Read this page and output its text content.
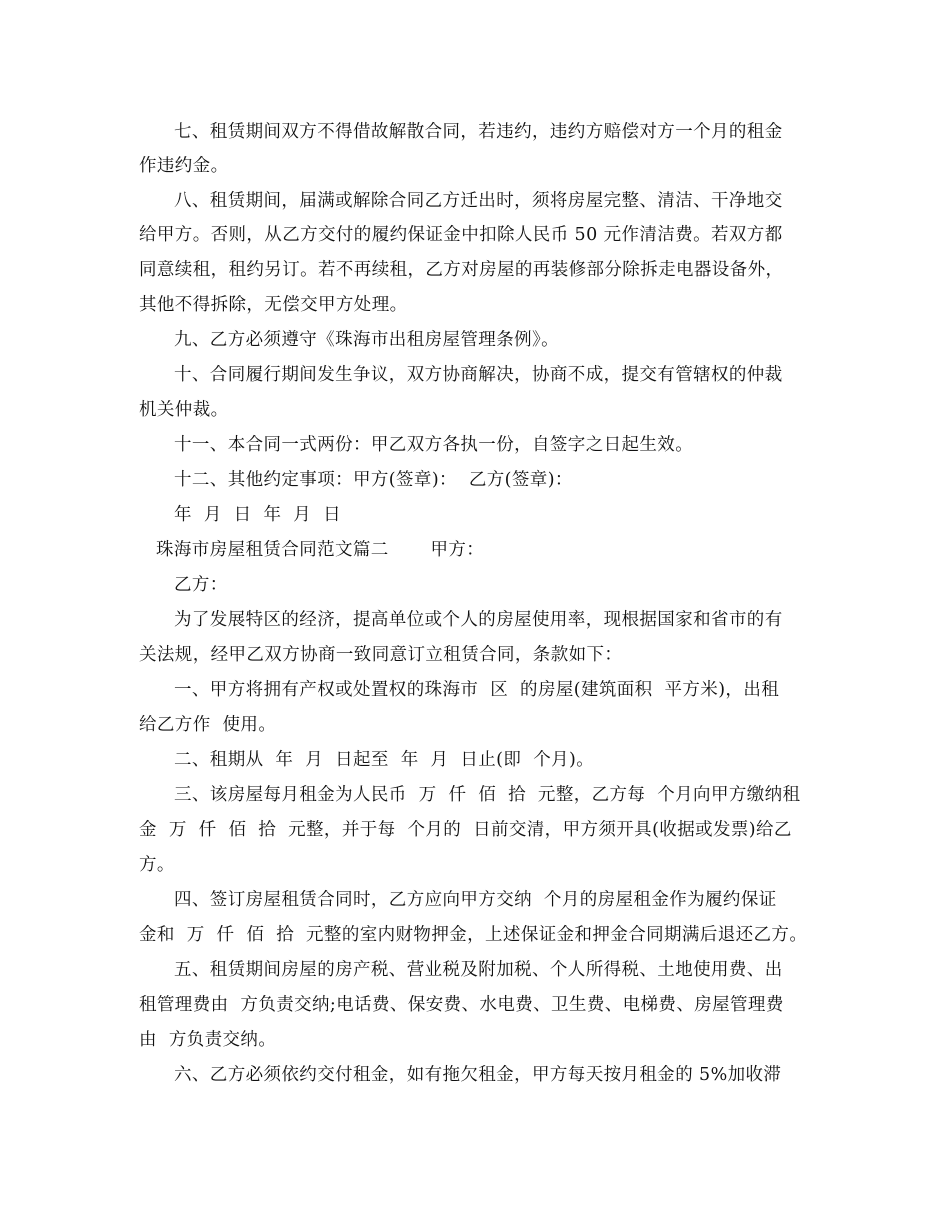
七、租赁期间双方不得借故解散合同，若违约，违约方赔偿对方一个月的租金
作违约金。
八、租赁期间，届满或解除合同乙方迁出时，须将房屋完整、清洁、干净地交
给甲方。否则，从乙方交付的履约保证金中扣除人民币 50 元作清洁费。若双方都
同意续租，租约另订。若不再续租，乙方对房屋的再装修部分除拆走电器设备外，
其他不得拆除，无偿交甲方处理。
九、乙方必须遵守《珠海市出租房屋管理条例》。
十、合同履行期间发生争议，双方协商解决，协商不成，提交有管辖权的仲裁
机关仲裁。
十一、本合同一式两份：甲乙双方各执一份，自签字之日起生效。
十二、其他约定事项：甲方(签章)：  乙方(签章)：
年  月  日  年  月  日
珠海市房屋租赁合同范文篇二       甲方：
乙方：
为了发展特区的经济，提高单位或个人的房屋使用率，现根据国家和省市的有
关法规，经甲乙双方协商一致同意订立租赁合同，条款如下：
一、甲方将拥有产权或处置权的珠海市  区  的房屋(建筑面积  平方米)，出租
给乙方作  使用。
二、租期从  年  月  日起至  年  月  日止(即  个月)。
三、该房屋每月租金为人民币  万  仟  佰  拾  元整，乙方每  个月向甲方缴纳租
金  万  仟  佰  拾  元整，并于每  个月的  日前交清，甲方须开具(收据或发票)给乙
方。
四、签订房屋租赁合同时，乙方应向甲方交纳  个月的房屋租金作为履约保证
金和  万  仟  佰  拾  元整的室内财物押金，上述保证金和押金合同期满后退还乙方。
五、租赁期间房屋的房产税、营业税及附加税、个人所得税、土地使用费、出
租管理费由  方负责交纳;电话费、保安费、水电费、卫生费、电梯费、房屋管理费
由  方负责交纳。
六、乙方必须依约交付租金，如有拖欠租金，甲方每天按月租金的 5%加收滞
